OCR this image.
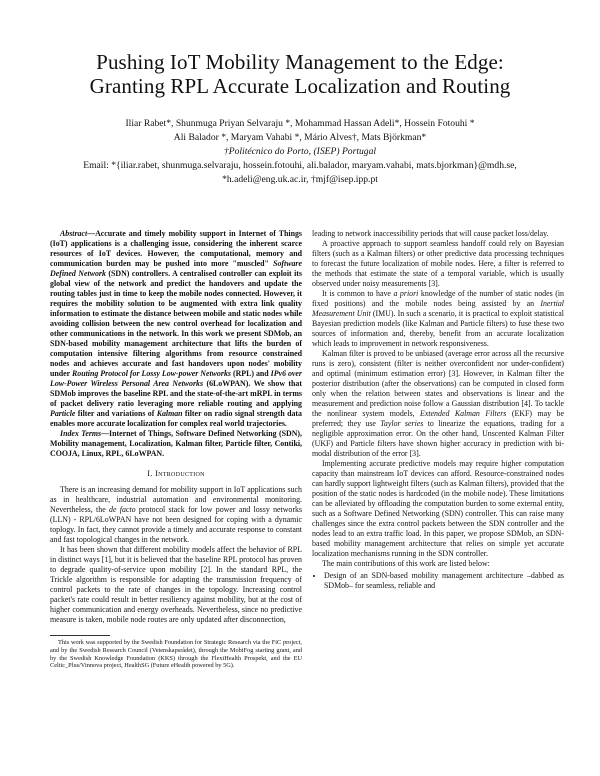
Pushing IoT Mobility Management to the Edge:
Granting RPL Accurate Localization and Routing
Iliar Rabet*, Shunmuga Priyan Selvaraju *, Mohammad Hassan Adeli*, Hossein Fotouhi *
Ali Balador *, Maryam Vahabi *, Mário Alves†, Mats Björkman*
†Politécnico do Porto, (ISEP) Portugal
Email: *{iliar.rabet, shunmuga.selvaraju, hossein.fotouhi, ali.balador, maryam.vahabi, mats.bjorkman}@mdh.se,
*h.adeli@eng.uk.ac.ir, †mjf@isep.ipp.pt

Abstract—Accurate and timely mobility support in Internet of Things (IoT) applications is a challenging issue, considering the inherent scarce resources of IoT devices. However, the computational, memory and communication burden may be pushed into more "muscled" Software Defined Network (SDN) controllers. A centralised controller can exploit its global view of the network and predict the handovers and update the routing tables just in time to keep the mobile nodes connected. However, it requires the mobility solution to be augmented with extra link quality information to estimate the distance between mobile and static nodes while avoiding collision between the new control overhead for localization and other communications in the network. In this work we present SDMob, an SDN-based mobility management architecture that lifts the burden of computation intensive filtering algorithms from resource constrained nodes and achieves accurate and fast handovers upon nodes' mobility under Routing Protocol for Lossy Low-power Networks (RPL) and IPv6 over Low-Power Wireless Personal Area Networks (6LoWPAN). We show that SDMob improves the baseline RPL and the state-of-the-art mRPL in terms of packet delivery ratio leveraging more reliable routing and applying Particle filter and variations of Kalman filter on radio signal strength data enables more accurate localization for complex real world trajectories.

Index Terms—Internet of Things, Software Defined Networking (SDN), Mobility management, Localization, Kalman filter, Particle filter, Contiki, COOJA, Linux, RPL, 6LoWPAN.

I. Introduction

There is an increasing demand for mobility support in IoT applications such as in healthcare, industrial automation and environmental monitoring. Nevertheless, the de facto protocol stack for low power and lossy networks (LLN) - RPL/6LoWPAN have not been designed for coping with a dynamic toplogy. In fact, they cannot provide a timely and accurate response to constant and fast topological changes in the network.

It has been shown that different mobility models affect the behavior of RPL in distinct ways [1], but it is believed that the baseline RPL protocol has proven to degrade quality-of-service upon mobility [2]. In the standard RPL, the Trickle algorithm is responsible for adapting the transmission frequency of control packets to the rate of changes in the topology. Increasing control packet's rate could result in better resiliency against mobility, but at the cost of higher communication and energy overheads. Nevertheless, since no predictive measure is taken, mobile node routes are only updated after disconnection,

This work was supported by the Swedish Foundation for Strategic Research via the FiC project, and by the Swedish Research Council (Vetenskapsrådet), through the MobiFog starting grant, and by the Swedish Knowledge Foundation (KKS) through the FlexiHealth Prospekt, and the EU Celtic_Plus/Vinnova project, HealthSG (Future eHealth powered by 5G).

leading to network inaccessibility periods that will cause packet loss/delay.

A proactive approach to support seamless handoff could rely on Bayesian filters (such as a Kalman filters) or other predictive data processing techniques to forecast the future localization of mobile nodes. Here, a filter is referred to the methods that estimate the state of a temporal variable, which is usually observed under noisy measurements [3].

It is common to have a priori knowledge of the number of static nodes (in fixed positions) and the mobile nodes being assisted by an Inertial Measurement Unit (IMU). In such a scenario, it is practical to exploit statistical Bayesian prediction models (like Kalman and Particle filters) to fuse these two sources of information and, thereby, benefit from an accurate localization which leads to improvement in network responsiveness.

Kalman filter is proved to be unbiased (average error across all the recursive runs is zero), consistent (filter is neither overconfident nor under-confident) and optimal (minimum estimation error) [3]. However, in Kalman filter the posterior distribution (after the observations) can be computed in closed form only when the relation between states and observations is linear and the measurement and prediction noise follow a Gaussian distribution [4]. To tackle the nonlinear system models, Extended Kalman Filters (EKF) may be preferred; they use Taylor series to linearize the equations, trading for a negligible approximation error. On the other hand, Unscented Kalman Filter (UKF) and Particle filters have shown higher accuracy in prediction with bi-modal distribution of the error [3].

Implementing accurate predictive models may require higher computation capacity than mainstream IoT devices can afford. Resource-constrained nodes can hardly support lightweight filters (such as Kalman filters), provided that the position of the static nodes is hardcoded (in the mobile node). These limitations can be alleviated by offloading the computation burden to some external entity, such as a Software Defined Networking (SDN) controller. This can raise many challenges since the extra control packets between the SDN controller and the nodes lead to an extra traffic load. In this paper, we propose SDMob, an SDN-based mobility management architecture that relies on simple yet accurate localization mechanisms running in the SDN controller.

The main contributions of this work are listed below:

• Design of an SDN-based mobility management architecture –dabbed as SDMob– for seamless, reliable and
